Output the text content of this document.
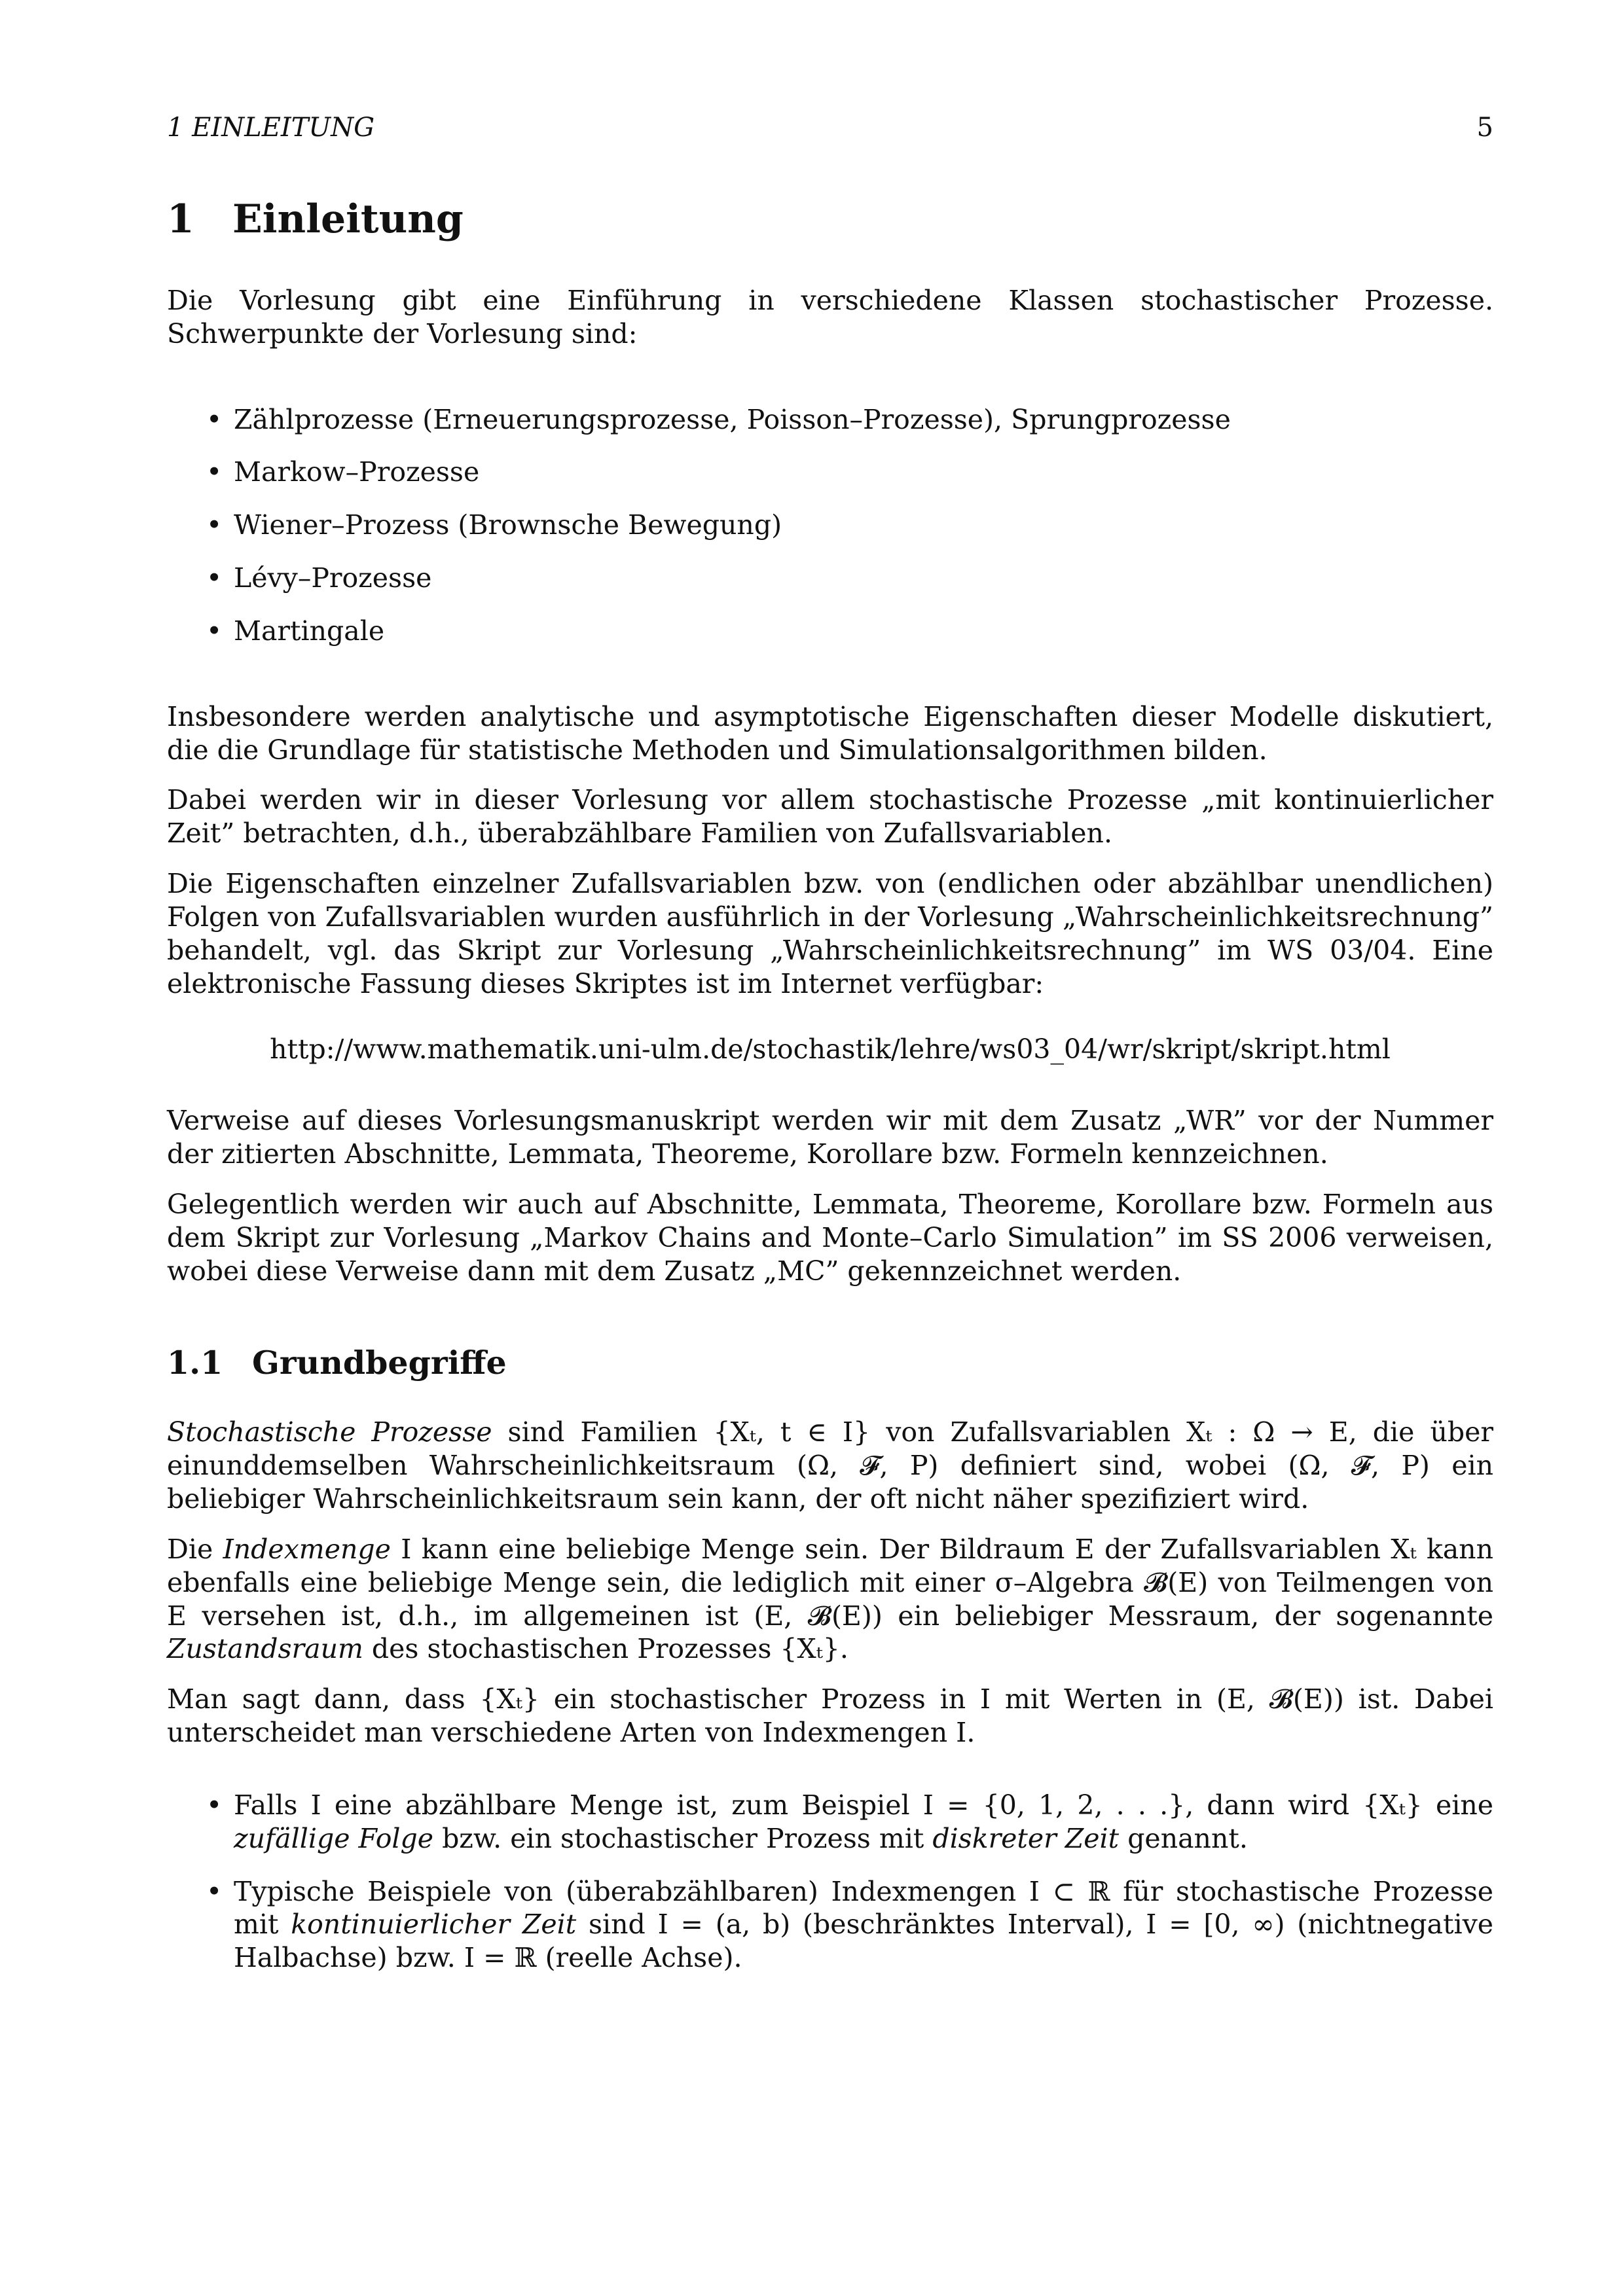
1 EINLEITUNG	5
1 Einleitung

Die Vorlesung gibt eine Einführung in verschiedene Klassen stochastischer Prozesse. Schwerpunkte der Vorlesung sind:

• Zählprozesse (Erneuerungsprozesse, Poisson–Prozesse), Sprungprozesse
• Markow–Prozesse
• Wiener–Prozess (Brownsche Bewegung)
• Lévy–Prozesse
• Martingale

Insbesondere werden analytische und asymptotische Eigenschaften dieser Modelle diskutiert, die die Grundlage für statistische Methoden und Simulationsalgorithmen bilden.

Dabei werden wir in dieser Vorlesung vor allem stochastische Prozesse „mit kontinuierlicher Zeit” betrachten, d.h., überabzählbare Familien von Zufallsvariablen.

Die Eigenschaften einzelner Zufallsvariablen bzw. von (endlichen oder abzählbar unendlichen) Folgen von Zufallsvariablen wurden ausführlich in der Vorlesung „Wahrscheinlichkeitsrechnung” behandelt, vgl. das Skript zur Vorlesung „Wahrscheinlichkeitsrechnung” im WS 03/04. Eine elektronische Fassung dieses Skriptes ist im Internet verfügbar:

http://www.mathematik.uni-ulm.de/stochastik/lehre/ws03_04/wr/skript/skript.html

Verweise auf dieses Vorlesungsmanuskript werden wir mit dem Zusatz „WR” vor der Nummer der zitierten Abschnitte, Lemmata, Theoreme, Korollare bzw. Formeln kennzeichnen.

Gelegentlich werden wir auch auf Abschnitte, Lemmata, Theoreme, Korollare bzw. Formeln aus dem Skript zur Vorlesung „Markov Chains and Monte–Carlo Simulation” im SS 2006 verweisen, wobei diese Verweise dann mit dem Zusatz „MC” gekennzeichnet werden.

1.1 Grundbegriffe

Stochastische Prozesse sind Familien {Xₜ, t ∈ I} von Zufallsvariablen Xₜ : Ω → E, die über einunddemselben Wahrscheinlichkeitsraum (Ω, 𝓕, P) definiert sind, wobei (Ω, 𝓕, P) ein beliebiger Wahrscheinlichkeitsraum sein kann, der oft nicht näher spezifiziert wird.

Die Indexmenge I kann eine beliebige Menge sein. Der Bildraum E der Zufallsvariablen Xₜ kann ebenfalls eine beliebige Menge sein, die lediglich mit einer σ–Algebra 𝓑(E) von Teilmengen von E versehen ist, d.h., im allgemeinen ist (E, 𝓑(E)) ein beliebiger Messraum, der sogenannte Zustandsraum des stochastischen Prozesses {Xₜ}.

Man sagt dann, dass {Xₜ} ein stochastischer Prozess in I mit Werten in (E, 𝓑(E)) ist. Dabei unterscheidet man verschiedene Arten von Indexmengen I.

• Falls I eine abzählbare Menge ist, zum Beispiel I = {0, 1, 2, . . .}, dann wird {Xₜ} eine zufällige Folge bzw. ein stochastischer Prozess mit diskreter Zeit genannt.
• Typische Beispiele von (überabzählbaren) Indexmengen I ⊂ ℝ für stochastische Prozesse mit kontinuierlicher Zeit sind I = (a, b) (beschränktes Interval), I = [0, ∞) (nichtnegative Halbachse) bzw. I = ℝ (reelle Achse).
